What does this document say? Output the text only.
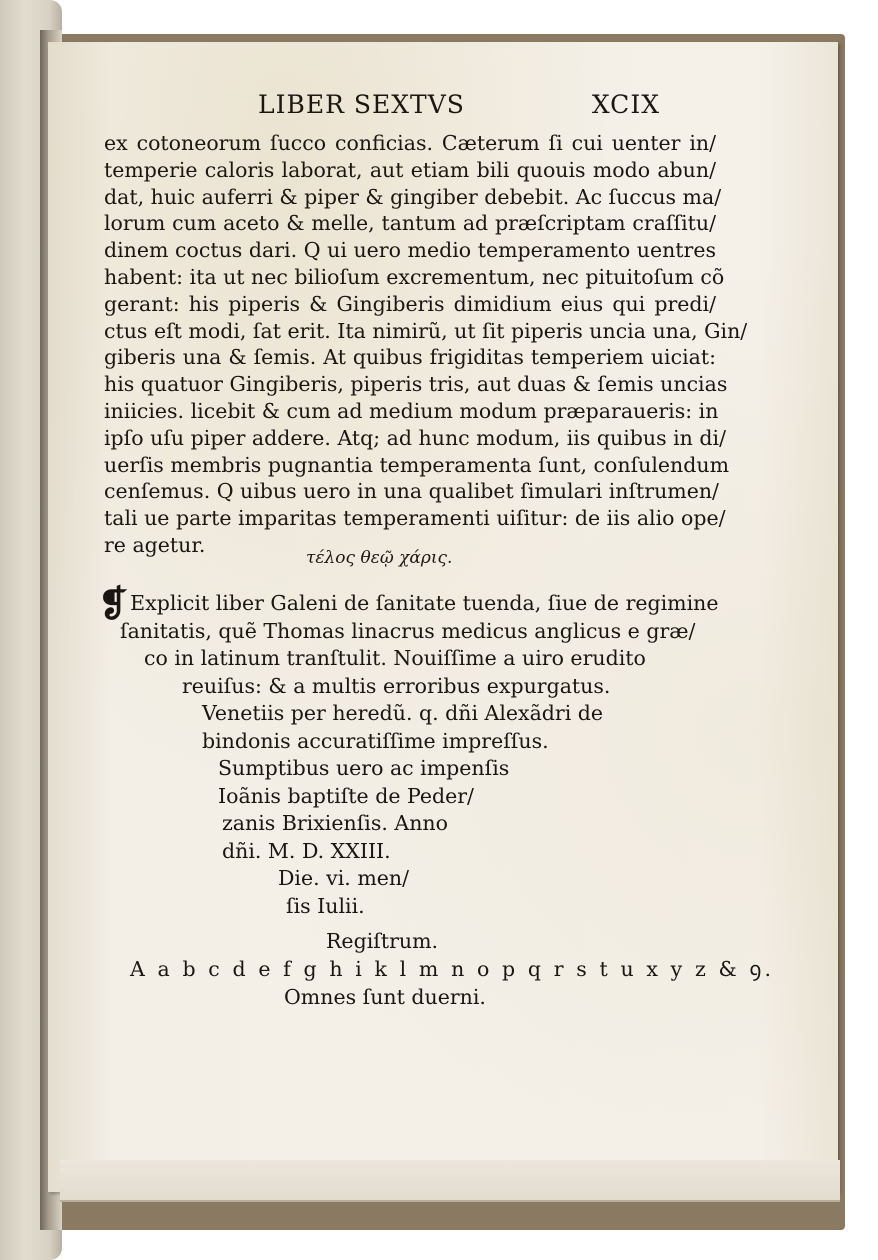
LIBER SEXTVS	XCIX
ex cotoneorum ſucco conficias. Cæterum ſi cui uenter in/
temperie caloris laborat, aut etiam bili quouis modo abun/
dat, huic auferri & piper & gingiber debebit. Ac ſuccus ma/
lorum cum aceto & melle, tantum ad præſcriptam craſſitu/
dinem coctus dari. Q ui uero medio temperamento uentres
habent: ita ut nec bilioſum excrementum, nec pituitoſum cõ
gerant: his piperis & Gingiberis dimidium eius qui predi/
ctus eſt modi, ſat erit. Ita nimirũ, ut ſit piperis uncia una, Gin/
giberis una & ſemis. At quibus frigiditas temperiem uiciat:
his quatuor Gingiberis, piperis tris, aut duas & ſemis uncias
iniicies. licebit & cum ad medium modum præparaueris: in
ipſo uſu piper addere. Atq; ad hunc modum, iis quibus in di/
uerſis membris pugnantia temperamenta ſunt, conſulendum
cenſemus. Q uibus uero in una qualibet ſimulari inſtrumen/
tali ue parte imparitas temperamenti uiſitur: de iis alio ope/
re agetur.
τέλος θεῷ χάρις.
❡Explicit liber Galeni de ſanitate tuenda, ſiue de regimine
ſanitatis, quẽ Thomas linacrus medicus anglicus e græ/
co in latinum tranſtulit. Nouiſſime a uiro erudito
reuiſus: & a multis erroribus expurgatus.
Venetiis per heredũ. q. dñi Alexãdri de
bindonis accuratiſſime impreſſus.
Sumptibus uero ac impenſis
Ioãnis baptiſte de Peder/
zanis Brixienſis. Anno
dñi. M. D. XXIII.
Die. vi. men/
ſis Iulii.
Regiſtrum.
A a b c d e f g h i k l m n o p q r s t u x y z & ꝯ.
Omnes ſunt duerni.
